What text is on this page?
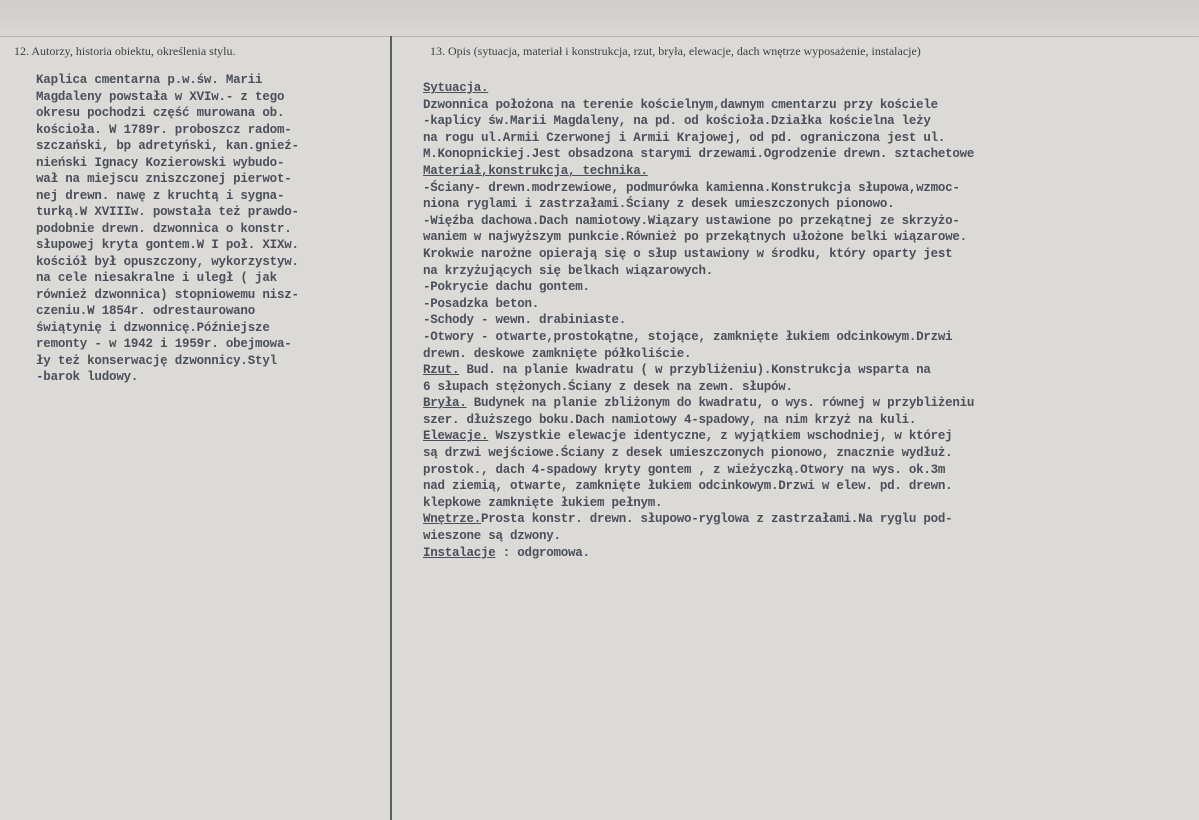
12. Autorzy, historia obiektu, określenia stylu.	13. Opis (sytuacja, materiał i konstrukcja, rzut, bryła, elewacje, dach wnętrze wyposażenie, instalacje)

Kaplica cmentarna p.w.św. Marii

Magdaleny powstała w XVIw.- z tego

okresu pochodzi część murowana ob.

kościoła. W 1789r. proboszcz radom-

szczański, bp adretyński, kan.gnieź-

nieński Ignacy Kozierowski wybudo-

wał na miejscu zniszczonej pierwot-

nej drewn. nawę z kruchtą i sygna-

turką.W XVIIIw. powstała też prawdo-

podobnie drewn. dzwonnica o konstr.

słupowej kryta gontem.W I poł. XIXw.

kościół był opuszczony, wykorzystyw.

na cele niesakralne i uległ ( jak

również dzwonnica) stopniowemu nisz-

czeniu.W 1854r. odrestaurowano

świątynię i dzwonnicę.Późniejsze

remonty - w 1942 i 1959r. obejmowa-

ły też konserwację dzwonnicy.Styl

-barok ludowy.

Sytuacja.
Dzwonnica położona na terenie kościelnym,dawnym cmentarzu przy kościele
-kaplicy św.Marii Magdaleny, na pd. od kościoła.Działka kościelna leży
na rogu ul.Armii Czerwonej i Armii Krajowej, od pd. ograniczona jest ul.
M.Konopnickiej.Jest obsadzona starymi drzewami.Ogrodzenie drewn. sztachetowe
Materiał,konstrukcja, technika.
-Ściany- drewn.modrzewiowe, podmurówka kamienna.Konstrukcja słupowa,wzmoc-
niona ryglami i zastrzałami.Ściany z desek umieszczonych pionowo.
-Więźba dachowa.Dach namiotowy.Wiązary ustawione po przekątnej ze skrzyżo-
waniem w najwyższym punkcie.Również po przekątnych ułożone belki wiązarowe.
Krokwie narożne opierają się o słup ustawiony w środku, który oparty jest
na krzyżujących się belkach wiązarowych.
-Pokrycie dachu gontem.
-Posadzka beton.
-Schody - wewn. drabiniaste.
-Otwory - otwarte,prostokątne, stojące, zamknięte łukiem odcinkowym.Drzwi
drewn. deskowe zamknięte półkoliście.
Rzut. Bud. na planie kwadratu ( w przybliżeniu).Konstrukcja wsparta na
6 słupach stężonych.Ściany z desek na zewn. słupów.
Bryła. Budynek na planie zbliżonym do kwadratu, o wys. równej w przybliżeniu
szer. dłuższego boku.Dach namiotowy 4-spadowy, na nim krzyż na kuli.
Elewacje. Wszystkie elewacje identyczne, z wyjątkiem wschodniej, w której
są drzwi wejściowe.Ściany z desek umieszczonych pionowo, znacznie wydłuż.
prostok., dach 4-spadowy kryty gontem , z wieżyczką.Otwory na wys. ok.3m
nad ziemią, otwarte, zamknięte łukiem odcinkowym.Drzwi w elew. pd. drewn.
klepkowe zamknięte łukiem pełnym.
Wnętrze.Prosta konstr. drewn. słupowo-ryglowa z zastrzałami.Na ryglu pod-
wieszone są dzwony.
Instalacje : odgromowa.
